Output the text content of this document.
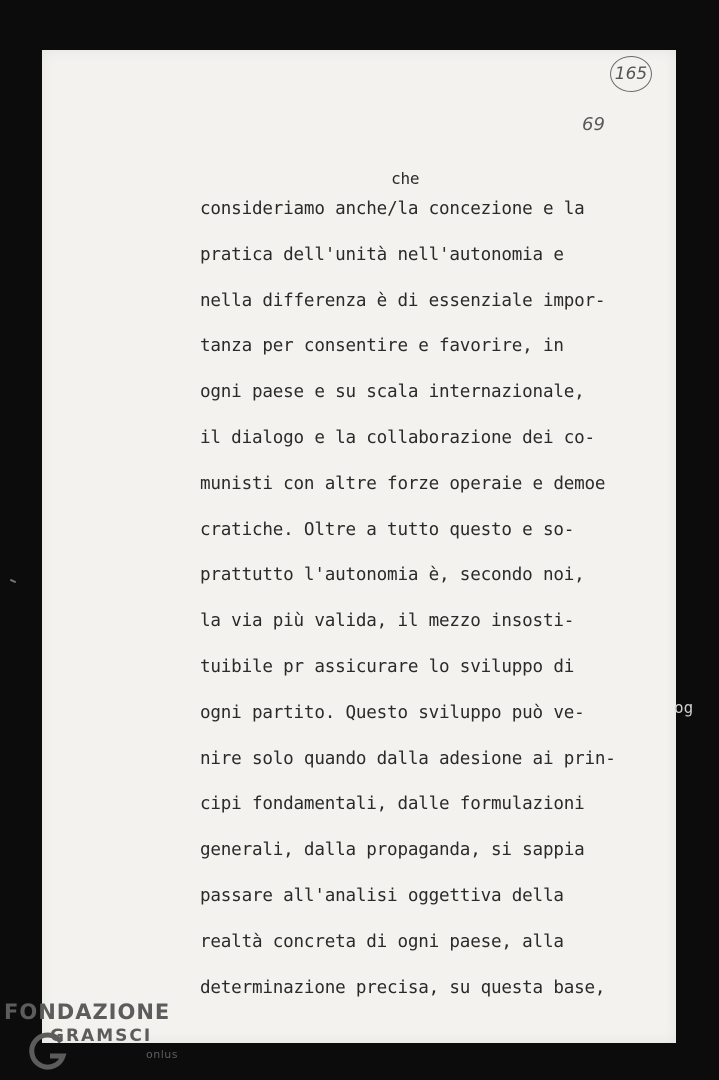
165
69
consideriamo anche/
che
la concezione e la
pratica dell'unità nell'autonomia e
nella differenza è di essenziale impor-
tanza per consentire e favorire, in
ogni paese e su scala internazionale,
il dialogo e la collaborazione dei co-
munisti con altre forze operaie e demoe
cratiche. Oltre a tutto questo e so-
prattutto l'autonomia è, secondo noi,
la via più valida, il mezzo insosti-
tuibile pr assicurare lo sviluppo di
ogni partito. Questo sviluppo può ve-
nire solo quando dalla adesione ai prin-
cipi fondamentali, dalle formulazioni
generali, dalla propaganda, si sappia
passare all'analisi oggettiva della
realtà concreta di ogni paese, alla
determinazione precisa, su questa base,
og
FONDAZIONE
GRAMSCI
onlus
